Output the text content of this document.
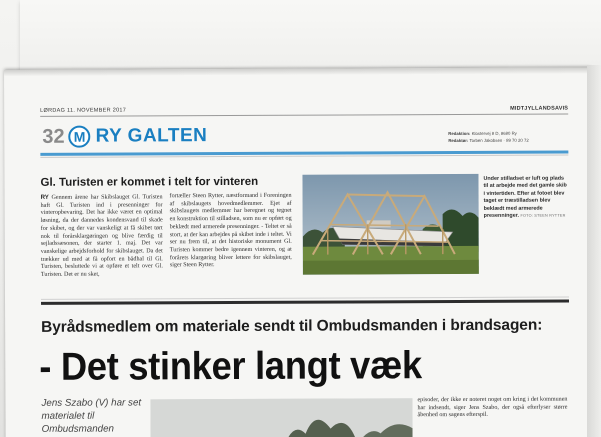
LØRDAG 11. NOVEMBER 2017	MIDTJYLLANDSAVIS
32 M RY GALTEN	Redaktion: Klostervej 8 D, 8680 Ry
Redaktør: Torben Jakobsen · 89 70 20 72
Gl. Turisten er kommet i telt for vinteren
RY Gennem årene har Skibslauget Gl. Turisten haft Gl. Turisten ind i presenninger for vinteropbevaring. Det har ikke været en optimal løsning, da der dannedes kondensvand til skade for skibet, og der var vanskeligt at få skibet tørt nok til forårsklargøringen og blive færdig til sejladssæsonen, der starter 1. maj. Det var vanskelige arbejdsforhold for skibslauget. Da det trækker ud med at få opfort en bådhal til Gl. Turisten, besluttede vi at opføre et telt over Gl. Turisten. Det er nu sket,
fortæller Steen Rytter, næstformand i Foreningen af skibslaugets hovedmedlemmer. Ejet af skibslaugets medlemmer har beregnet og tegnet en konstruktion til stilladsen, som nu er opført og beklædt med armerede presenninger. - Teltet er så stort, at der kan arbejdes på skibet inde i teltet. Vi ser nu frem til, at det historiske monument Gl. Turisten kommer bedre igennem vinteren, og at forårets klargøring bliver lettere for skibslauget, siger Steen Rytter.
Under stilladset er luft og plads til at arbejde med det gamle skib i vintertiden. Efter at fotoet blev taget er træstilladsen blev beklædt med armerede presenninger. FOTO: STEEN RYTTER
Byrådsmedlem om materiale sendt til Ombudsmanden i brandsagen:
- Det stinker langt væk
Jens Szabo (V) har set materialet til Ombudsmanden
episoder, der ikke er noteret noget om kring i det kommunen har indsendt, siger Jens Szabo, der også efterlyser større åbenhed om sagens efterspil.
